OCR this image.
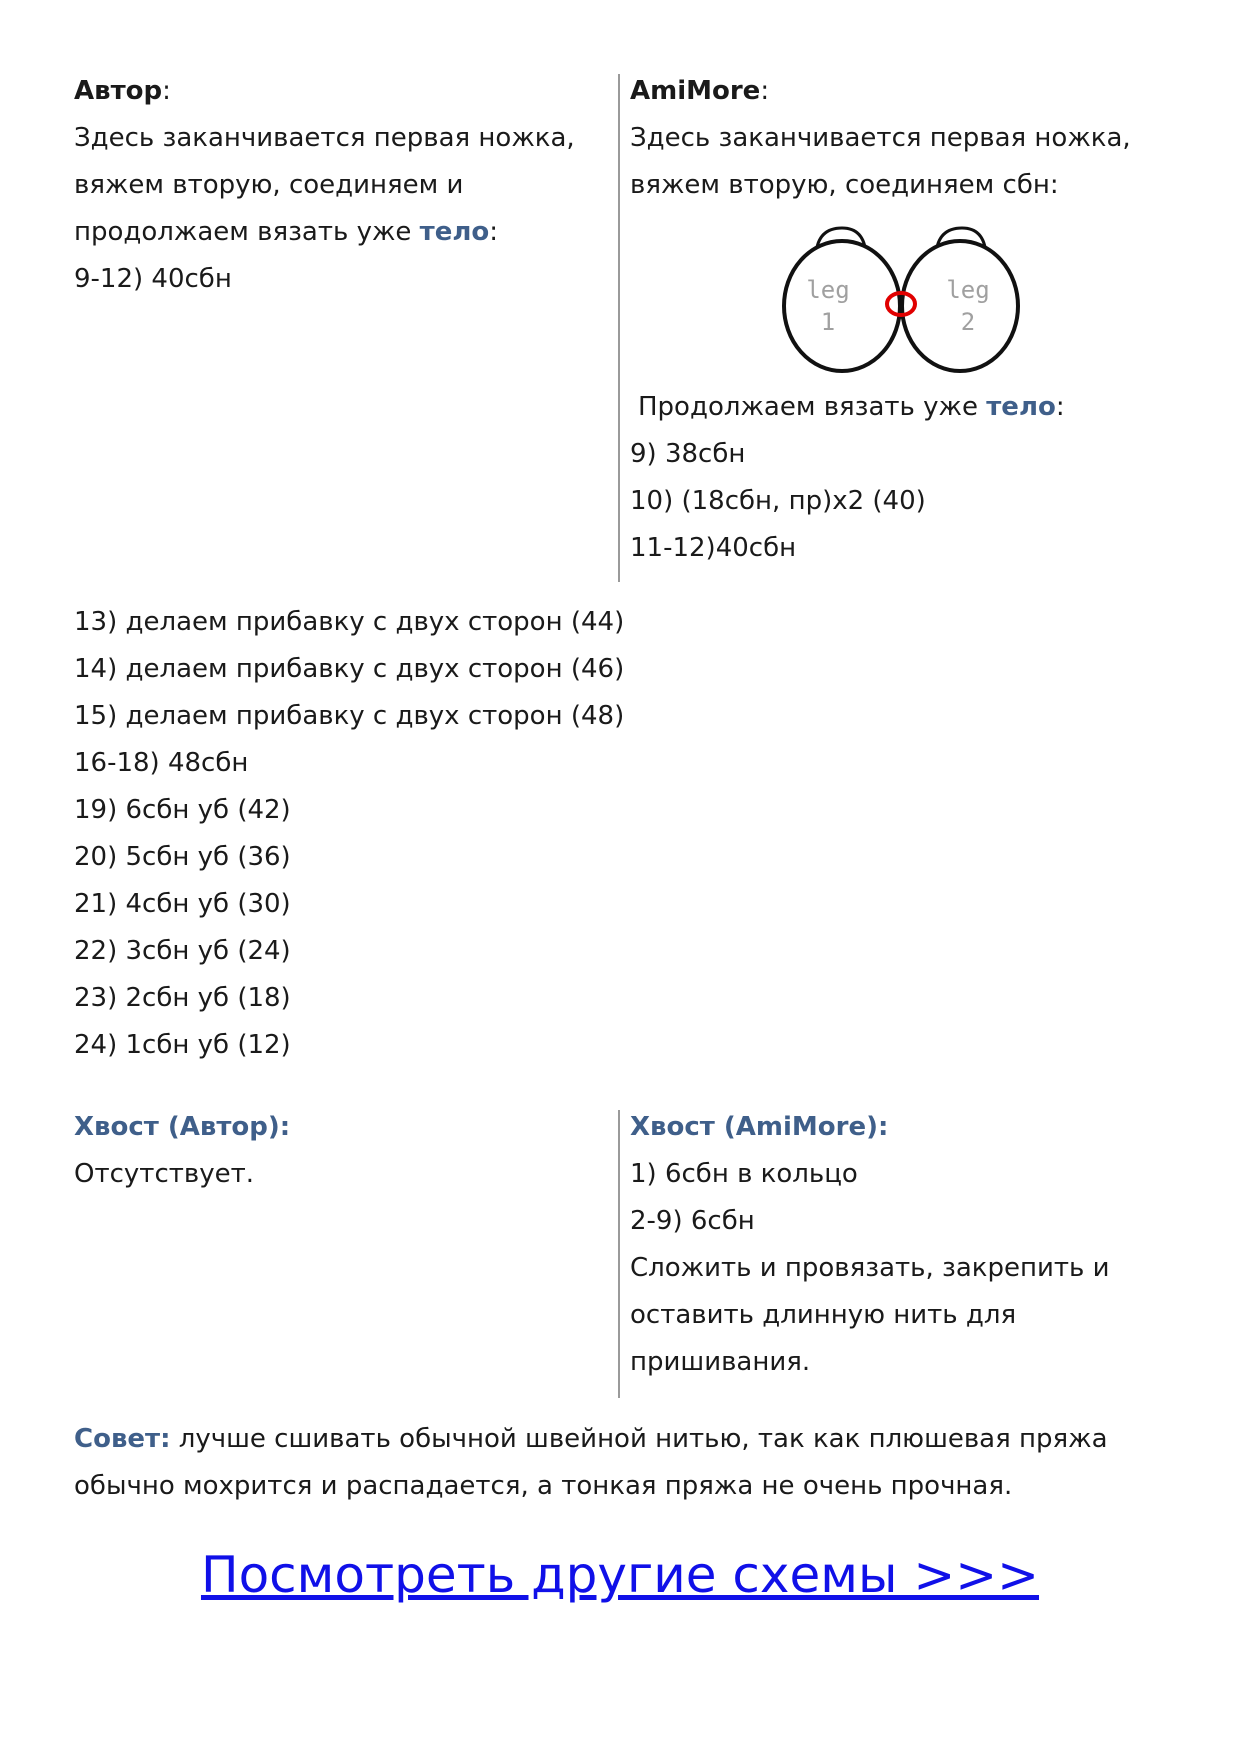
Автор:
Здесь заканчивается первая ножка,
вяжем вторую, соединяем и
продолжаем вязать уже тело:
9-12) 40сбн
AmiMore:
Здесь заканчивается первая ножка,
вяжем вторую, соединяем сбн:
leg
1
leg
2
Продолжаем вязать уже тело:
9) 38сбн
10) (18сбн, пр)х2 (40)
11-12)40сбн
13) делаем прибавку с двух сторон (44)
14) делаем прибавку с двух сторон (46)
15) делаем прибавку с двух сторон (48)
16-18) 48сбн
19) 6сбн уб (42)
20) 5сбн уб (36)
21) 4сбн уб (30)
22) 3сбн уб (24)
23) 2сбн уб (18)
24) 1сбн уб (12)
Хвост (Автор):
Отсутствует.
Хвост (AmiMore):
1) 6сбн в кольцо
2-9) 6сбн
Сложить и провязать, закрепить и
оставить длинную нить для
пришивания.
Совет: лучше сшивать обычной швейной нитью, так как плюшевая пряжа
обычно мохрится и распадается, а тонкая пряжа не очень прочная.
Посмотреть другие схемы >>>
